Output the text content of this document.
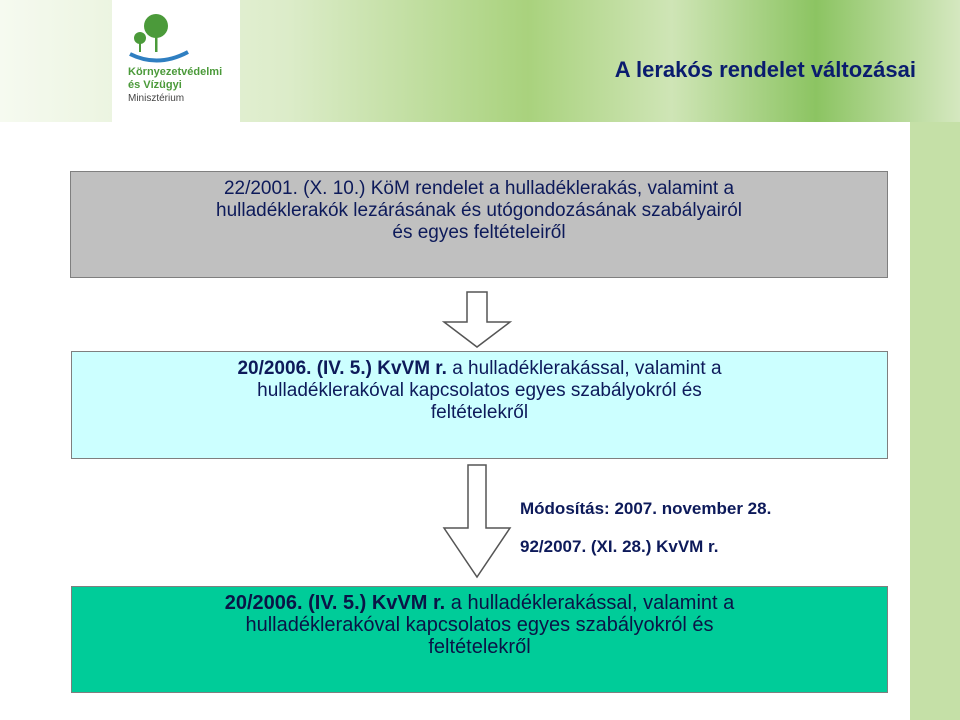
Környezetvédelmi
és Vízügyi
Minisztérium
A lerakós rendelet változásai

22/2001. (X. 10.) KöM rendelet a hulladéklerakás, valamint a

hulladéklerakók lezárásának és utógondozásának szabályairól

és egyes feltételeiről

20/2006. (IV. 5.) KvVM r. a hulladéklerakással, valamint a

hulladéklerakóval kapcsolatos egyes szabályokról és

feltételekről

Módosítás: 2007. november 28.
92/2007. (XI. 28.) KvVM r.

20/2006. (IV. 5.) KvVM r. a hulladéklerakással, valamint a

hulladéklerakóval kapcsolatos egyes szabályokról és

feltételekről
